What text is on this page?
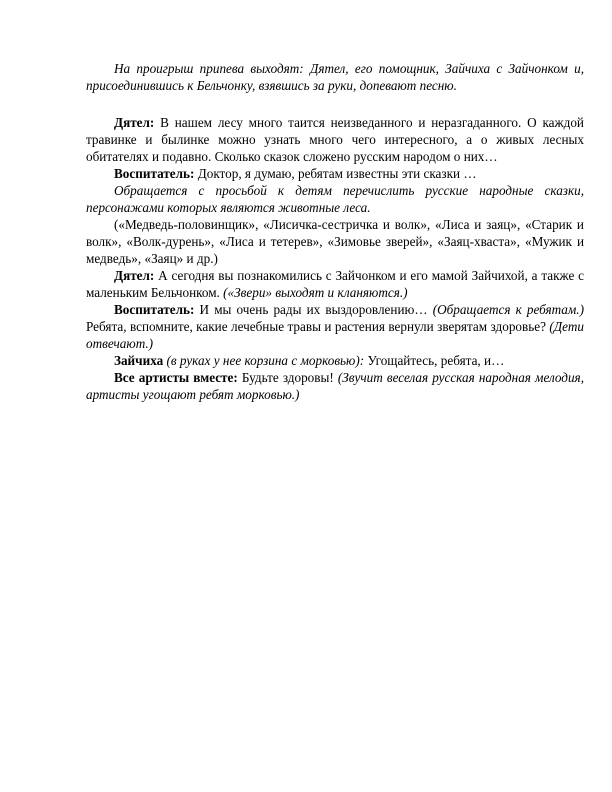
На проигрыш припева выходят: Дятел, его помощник, Зайчиха с Зайчонком и, присоединившись к Бельчонку, взявшись за руки, допевают песню.

Дятел: В нашем лесу много таится неизведанного и неразгаданного. О каждой травинке и былинке можно узнать много чего интересного, а о живых лесных обитателях и подавно. Сколько сказок сложено русским народом о них…

Воспитатель: Доктор, я думаю, ребятам известны эти сказки …

Обращается с просьбой к детям перечислить русские народные сказки, персонажами которых являются животные леса.

(«Медведь-половинщик», «Лисичка-сестричка и волк», «Лиса и заяц», «Старик и волк», «Волк-дурень», «Лиса и тетерев», «Зимовье зверей», «Заяц-хваста», «Мужик и медведь», «Заяц» и др.)

Дятел: А сегодня вы познакомились с Зайчонком и его мамой Зайчихой, а также с маленьким Бельчонком. («Звери» выходят и кланяются.)

Воспитатель: И мы очень рады их выздоровлению… (Обращается к ребятам.) Ребята, вспомните, какие лечебные травы и растения вернули зверятам здоровье? (Дети отвечают.)

Зайчиха (в руках у нее корзина с морковью): Угощайтесь, ребята, и…

Все артисты вместе: Будьте здоровы! (Звучит веселая русская народная мелодия, артисты угощают ребят морковью.)
